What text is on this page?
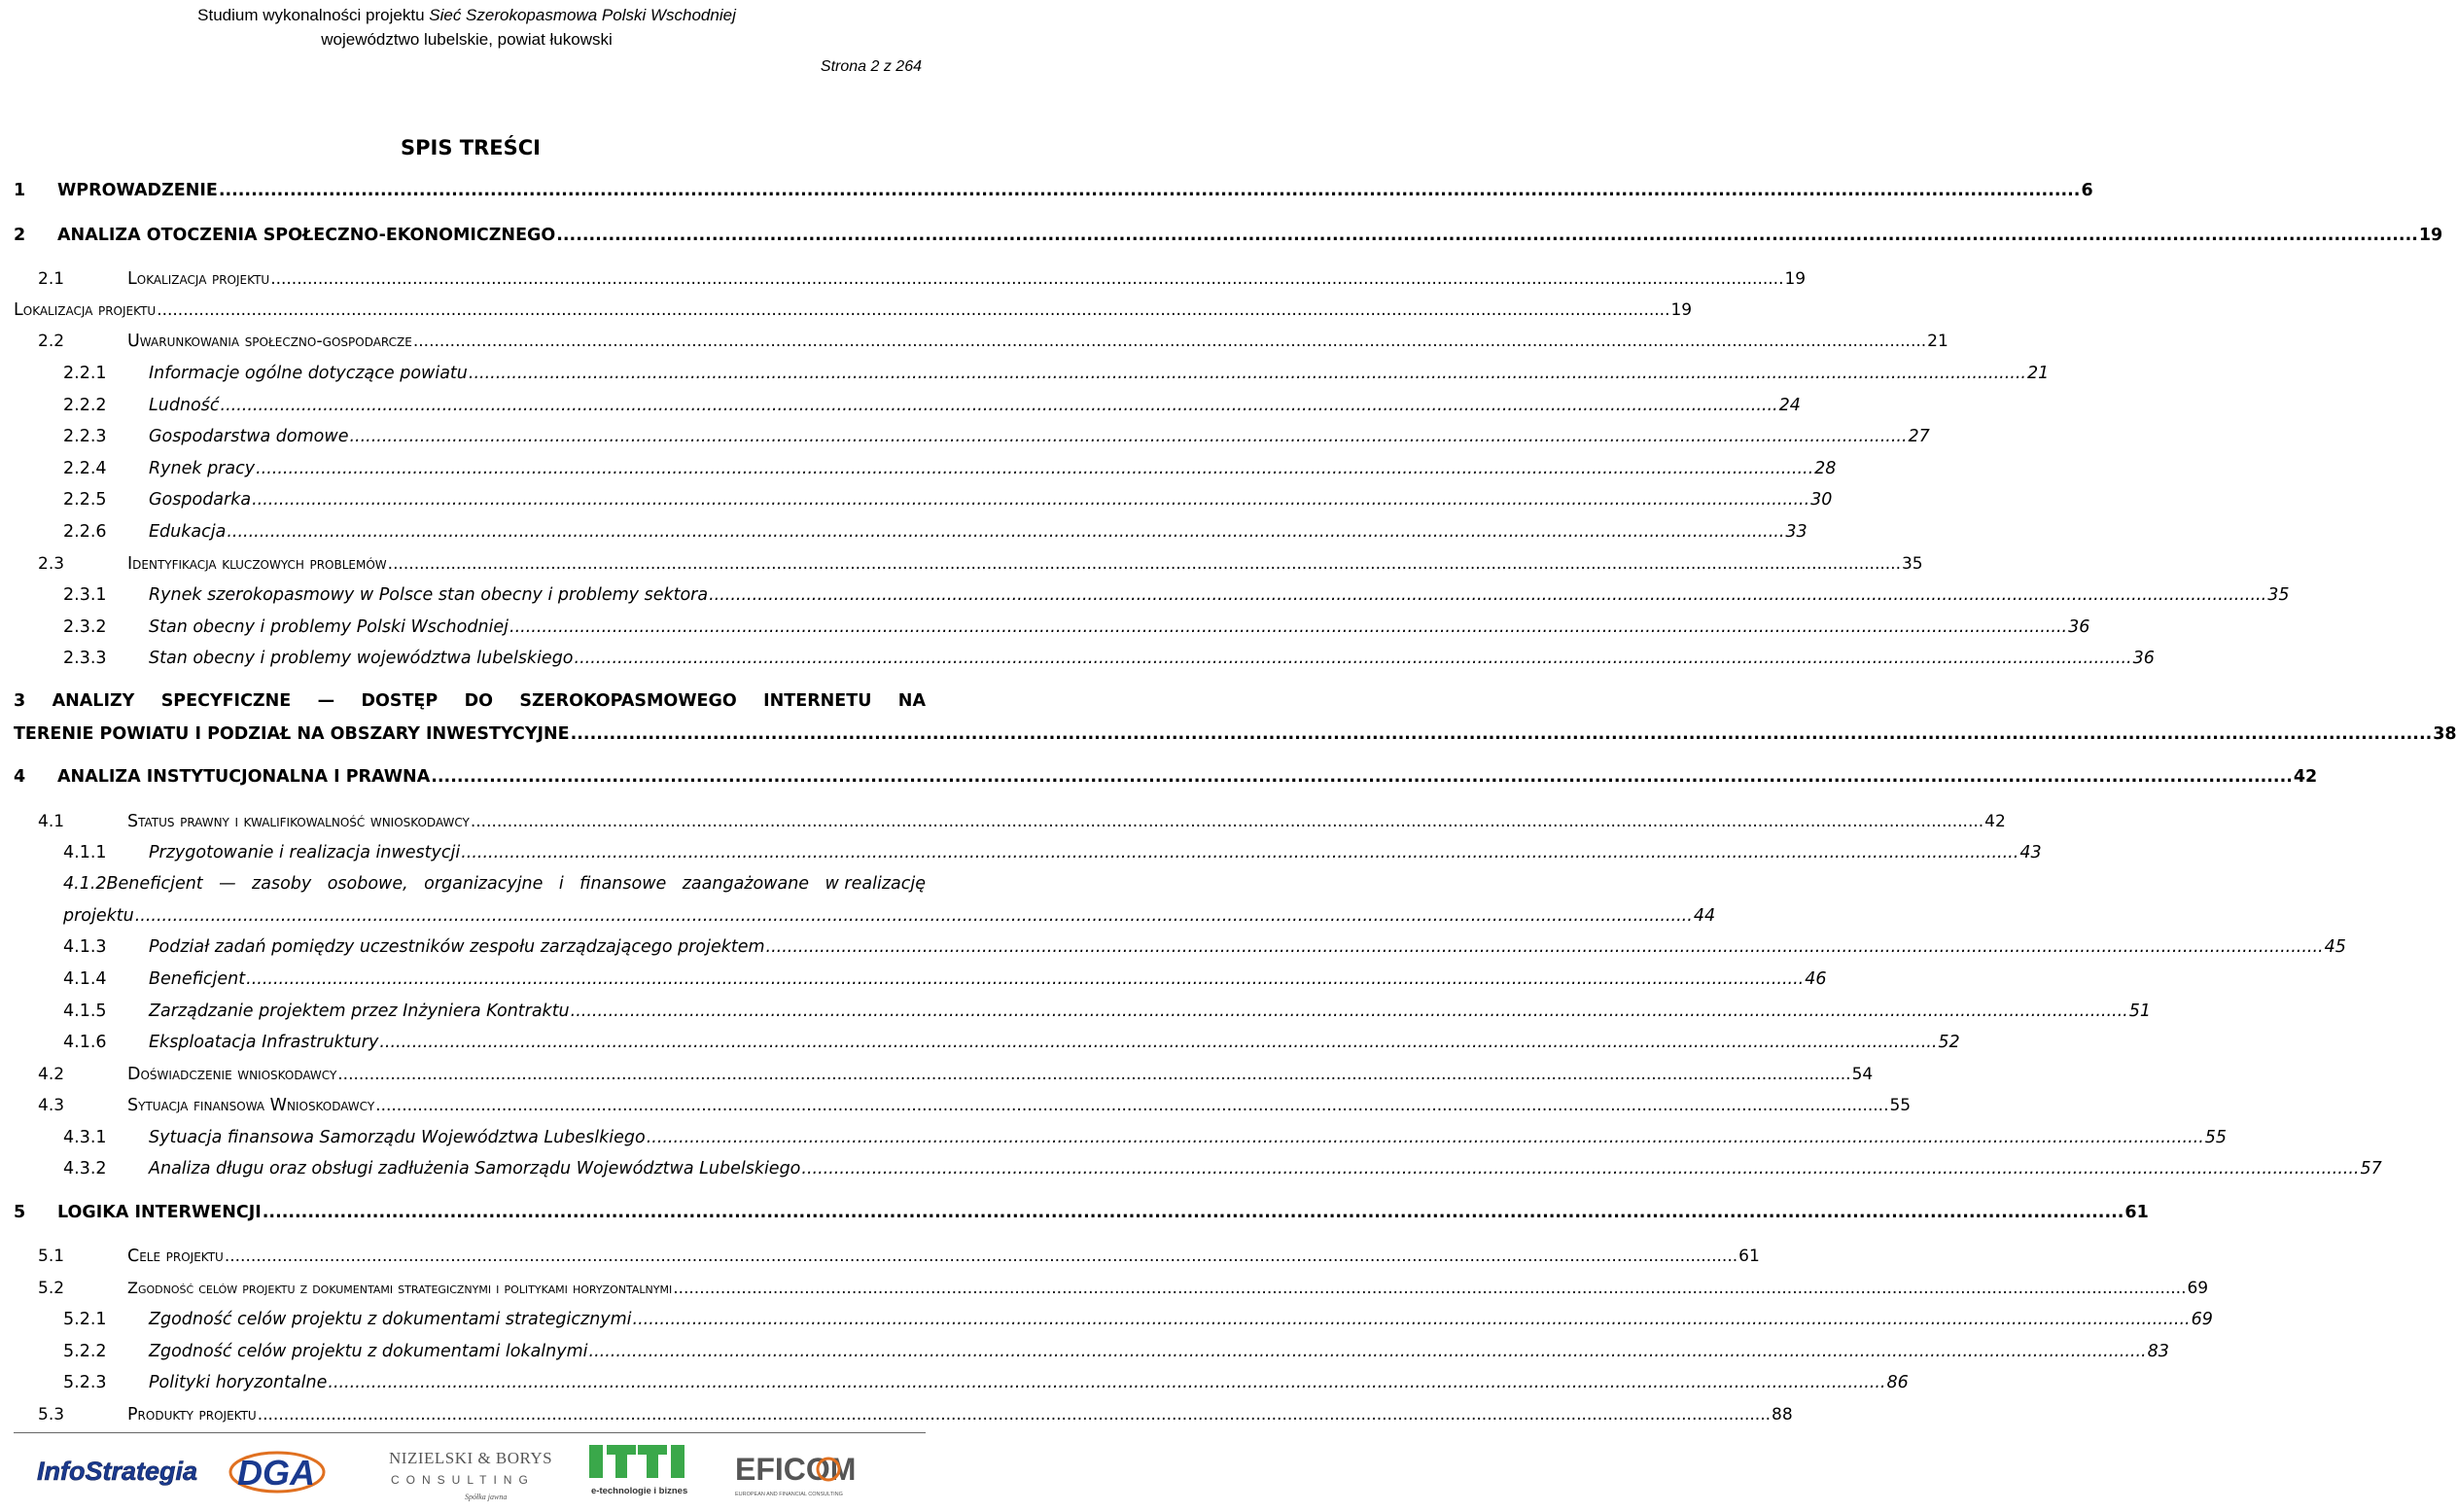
Studium wykonalności projektu Sieć Szerokopasmowa Polski Wschodniej
województwo lubelskie, powiat łukowski
Strona 2 z 264
SPIS TREŚCI
1	WPROWADZENIE .....	6
2	ANALIZA OTOCZENIA SPOŁECZNO-EKONOMICZNEGO .....	19
2.1	Lokalizacja projektu .....	19
Lokalizacja projektu .....	19
2.2	Uwarunkowania społeczno-gospodarcze .....	21
2.2.1	Informacje ogólne dotyczące powiatu .....	21
2.2.2	Ludność .....	24
2.2.3	Gospodarstwa domowe .....	27
2.2.4	Rynek pracy .....	28
2.2.5	Gospodarka .....	30
2.2.6	Edukacja .....	33
2.3	Identyfikacja kluczowych problemów .....	35
2.3.1	Rynek szerokopasmowy w Polsce stan obecny i problemy sektora .....	35
2.3.2	Stan obecny i problemy Polski Wschodniej .....	36
2.3.3	Stan obecny i problemy województwa lubelskiego .....	36
3 ANALIZY SPECYFICZNE — DOSTĘP DO SZEROKOPASMOWEGO INTERNETU NA
TERENIE POWIATU I PODZIAŁ NA OBSZARY INWESTYCYJNE .....	38
4	ANALIZA INSTYTUCJONALNA I PRAWNA .....	42
4.1	Status prawny i kwalifikowalność wnioskodawcy .....	42
4.1.1	Przygotowanie i realizacja inwestycji .....	43
4.1.2Beneficjent — zasoby osobowe, organizacyjne i finansowe zaangażowane w realizację
projektu .....	44
4.1.3	Podział zadań pomiędzy uczestników zespołu zarządzającego projektem .....	45
4.1.4	Beneficjent .....	46
4.1.5	Zarządzanie projektem przez Inżyniera Kontraktu .....	51
4.1.6	Eksploatacja Infrastruktury .....	52
4.2	Doświadczenie wnioskodawcy .....	54
4.3	Sytuacja finansowa Wnioskodawcy .....	55
4.3.1	Sytuacja finansowa Samorządu Województwa Lubeslkiego .....	55
4.3.2	Analiza długu oraz obsługi zadłużenia Samorządu Województwa Lubelskiego .....	57
5	LOGIKA INTERWENCJI .....	61
5.1	Cele projektu .....	61
5.2	Zgodność celów projektu z dokumentami strategicznymi i politykami horyzontalnymi .....	69
5.2.1	Zgodność celów projektu z dokumentami strategicznymi .....	69
5.2.2	Zgodność celów projektu z dokumentami lokalnymi .....	83
5.2.3	Polityki horyzontalne .....	86
5.3	Produkty projektu .....	88
InfoStrategia DGA	NIZIELSKI & BORYS
CONSULTING
Spółka jawna
e-technologie i biznes
EFICOM
EUROPEAN AND FINANCIAL CONSULTING
